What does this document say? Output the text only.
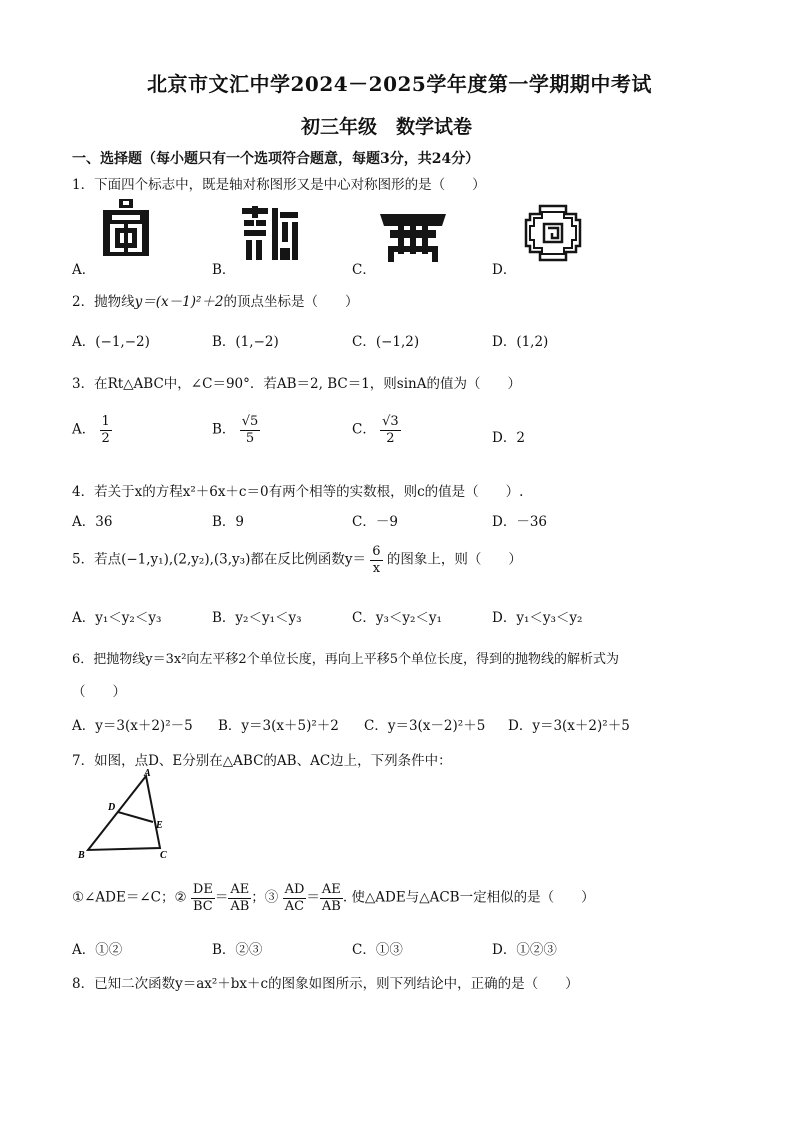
北京市文汇中学2024－2025学年度第一学期期中考试
初三年级　数学试卷
一、选择题（每小题只有一个选项符合题意，每题3分，共24分）
1．下面四个标志中，既是轴对称图形又是中心对称图形的是（　　）
A．	B．	C．	D．
2．抛物线y＝(x－1)²＋2的顶点坐标是（　　）
A．(−1,−2)	B．(1,−2)	C．(−1,2)	D．(1,2)
3．在Rt△ABC中，∠C＝90°．若AB＝2, BC＝1，则sinA的值为（　　）
A． $\frac{1}{2}$	B． $\frac{√5}{5}$	C． $\frac{√3}{2}$	D．2
4．若关于x的方程x²＋6x＋c＝0有两个相等的实数根，则c的值是（　　）.
A．36	B．9	C．－9	D．－36
5．若点(−1,y₁),(2,y₂),(3,y₃)都在反比例函数$y= \frac{6}{x}$ 的图象上，则（　　）
A．y₁＜y₂＜y₃	B．y₂＜y₁＜y₃	C．y₃＜y₂＜y₁	D．y₁＜y₃＜y₂
6．把抛物线y＝3x²向左平移2个单位长度，再向上平移5个单位长度，得到的抛物线的解析式为
（　　）
A．y＝3(x＋2)²－5 B．y＝3(x＋5)²＋2 C．y＝3(x－2)²＋5 D．y＝3(x＋2)²＋5
7．如图，点D、E分别在△ABC的AB、AC边上，下列条件中：
A
D
E
B	C
①∠ADE＝∠C；② $\frac{DE}{BC} = \frac{AE}{AB}$ ；③ $\frac{AD}{AC} = \frac{AE}{AB}$ . 使△ADE与△ACB一定相似的是（　　）
A．①②	B．②③	C．①③	D．①②③
8．已知二次函数y＝ax²＋bx＋c的图象如图所示，则下列结论中，正确的是（　　）
